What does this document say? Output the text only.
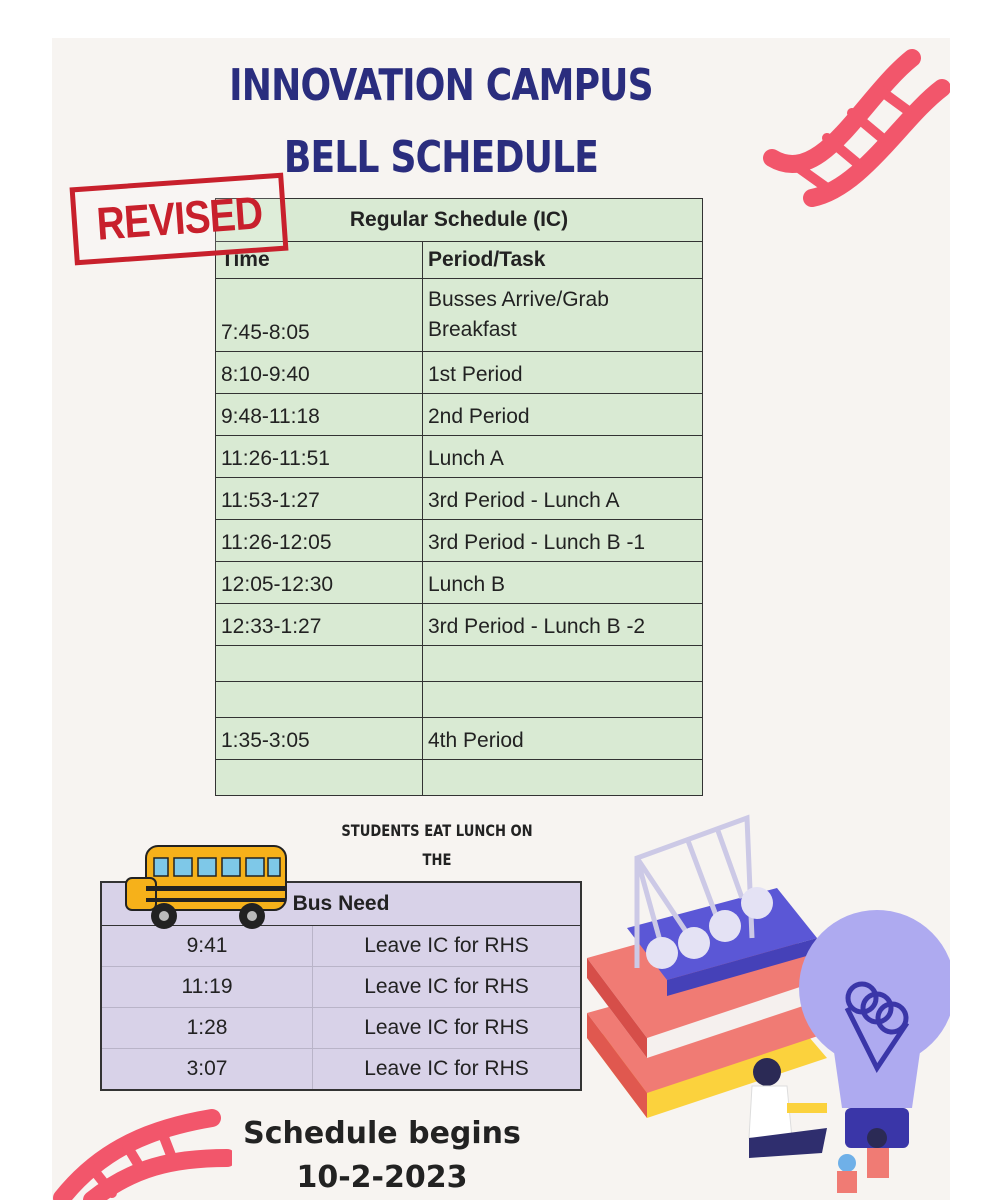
INNOVATION CAMPUS
BELL SCHEDULE
Regular Schedule (IC)	
Time	Period/Task
7:45-8:05	Busses Arrive/Grab Breakfast
8:10-9:40	1st Period
9:48-11:18	2nd Period
11:26-11:51	Lunch A
11:53-1:27	3rd Period - Lunch A
11:26-12:05	3rd Period - Lunch B -1
12:05-12:30	Lunch B
12:33-1:27	3rd Period - Lunch B -2

1:35-3:05	4th Period

REVISED
STUDENTS EAT LUNCH ON THE
Bus Need	
9:41	Leave IC for RHS
11:19	Leave IC for RHS
1:28	Leave IC for RHS
3:07	Leave IC for RHS
Schedule begins
10-2-2023
